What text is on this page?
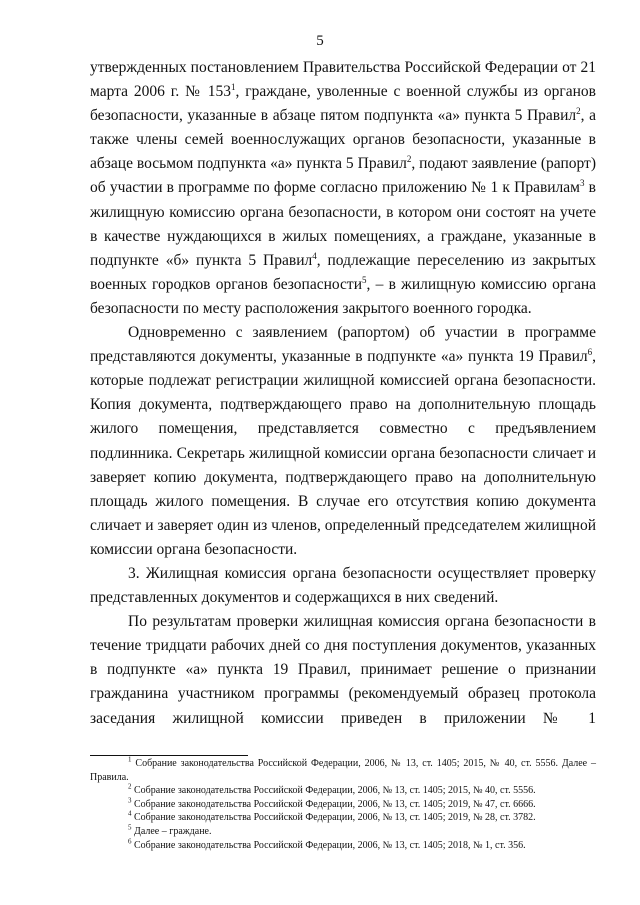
5

утвержденных постановлением Правительства Российской Федерации от 21 марта 2006 г. № $153^1$, граждане, уволенные с военной службы из органов безопасности, указанные в абзаце пятом подпункта «а» пункта 5 Правил$^2$, а также члены семей военнослужащих органов безопасности, указанные в абзаце восьмом подпункта «а» пункта 5 Правил$^2$, подают заявление (рапорт) об участии в программе по форме согласно приложению № 1 к Правилам$^3$ в жилищную комиссию органа безопасности, в котором они состоят на учете в качестве нуждающихся в жилых помещениях, а граждане, указанные в подпункте «б» пункта 5 Правил$^4$, подлежащие переселению из закрытых военных городков органов безопасности$^5$, – в жилищную комиссию органа безопасности по месту расположения закрытого военного городка.

Одновременно с заявлением (рапортом) об участии в программе представляются документы, указанные в подпункте «а» пункта 19 Правил$^6$, которые подлежат регистрации жилищной комиссией органа безопасности. Копия документа, подтверждающего право на дополнительную площадь жилого помещения, представляется совместно с предъявлением подлинника. Секретарь жилищной комиссии органа безопасности сличает и заверяет копию документа, подтверждающего право на дополнительную площадь жилого помещения. В случае его отсутствия копию документа сличает и заверяет один из членов, определенный председателем жилищной комиссии органа безопасности.

3. Жилищная комиссия органа безопасности осуществляет проверку представленных документов и содержащихся в них сведений.

По результатам проверки жилищная комиссия органа безопасности в течение тридцати рабочих дней со дня поступления документов, указанных в подпункте «а» пункта 19 Правил, принимает решение о признании гражданина участником программы (рекомендуемый образец протокола заседания жилищной комиссии приведен в приложении № 1

$^1$ Собрание законодательства Российской Федерации, 2006, № 13, ст. 1405; 2015, № 40, ст. 5556. Далее – Правила.

$^2$ Собрание законодательства Российской Федерации, 2006, № 13, ст. 1405; 2015, № 40, ст. 5556.

$^3$ Собрание законодательства Российской Федерации, 2006, № 13, ст. 1405; 2019, № 47, ст. 6666.

$^4$ Собрание законодательства Российской Федерации, 2006, № 13, ст. 1405; 2019, № 28, ст. 3782.

$^5$ Далее – граждане.

$^6$ Собрание законодательства Российской Федерации, 2006, № 13, ст. 1405; 2018, № 1, ст. 356.
